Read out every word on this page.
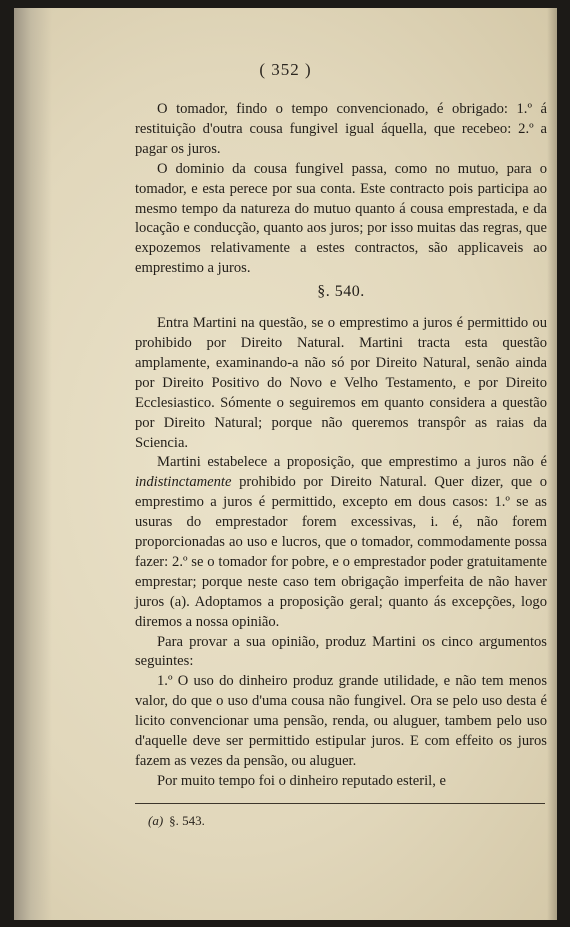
( 352 )

O tomador, findo o tempo convencionado, é obrigado: 1.º á restituição d'outra cousa fungivel igual áquella, que recebeo: 2.º a pagar os juros.

O dominio da cousa fungivel passa, como no mutuo, para o tomador, e esta perece por sua conta. Este contracto pois participa ao mesmo tempo da natureza do mutuo quanto á cousa emprestada, e da locação e conducção, quanto aos juros; por isso muitas das regras, que expozemos relativamente a estes contractos, são applicaveis ao emprestimo a juros.

§. 540.

Entra Martini na questão, se o emprestimo a juros é permittido ou prohibido por Direito Natural. Martini tracta esta questão amplamente, examinando-a não só por Direito Natural, senão ainda por Direito Positivo do Novo e Velho Testamento, e por Direito Ecclesiastico. Sómente o seguiremos em quanto considera a questão por Direito Natural; porque não queremos transpôr as raias da Sciencia.

Martini estabelece a proposição, que emprestimo a juros não é indistinctamente prohibido por Direito Natural. Quer dizer, que o emprestimo a juros é permittido, excepto em dous casos: 1.º se as usuras do emprestador forem excessivas, i. é, não forem proporcionadas ao uso e lucros, que o tomador, commodamente possa fazer: 2.º se o tomador for pobre, e o emprestador poder gratuitamente emprestar; porque neste caso tem obrigação imperfeita de não haver juros (a). Adoptamos a proposição geral; quanto ás excepções, logo diremos a nossa opinião.

Para provar a sua opinião, produz Martini os cinco argumentos seguintes:

1.º O uso do dinheiro produz grande utilidade, e não tem menos valor, do que o uso d'uma cousa não fungivel. Ora se pelo uso desta é licito convencionar uma pensão, renda, ou aluguer, tambem pelo uso d'aquelle deve ser permittido estipular juros. E com effeito os juros fazem as vezes da pensão, ou aluguer.

Por muito tempo foi o dinheiro reputado esteril, e

(a) §. 543.
